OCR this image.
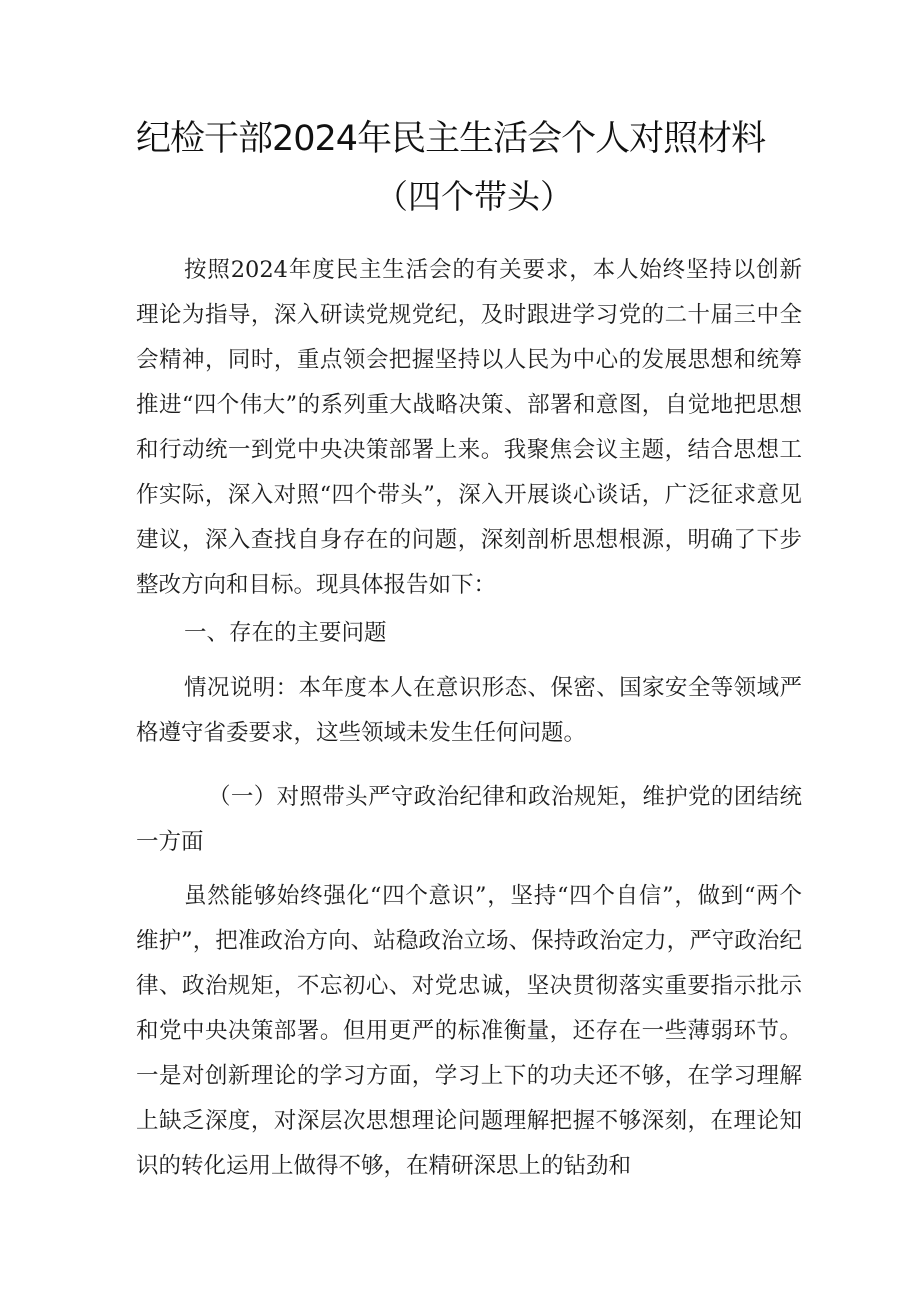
纪检干部2024年民主生活会个人对照材料
（四个带头）
按照2024年度民主生活会的有关要求，本人始终坚持以创新理论为指导，深入研读党规党纪，及时跟进学习党的二十届三中全会精神，同时，重点领会把握坚持以人民为中心的发展思想和统筹推进“四个伟大”的系列重大战略决策、部署和意图，自觉地把思想和行动统一到党中央决策部署上来。我聚焦会议主题，结合思想工作实际，深入对照“四个带头”，深入开展谈心谈话，广泛征求意见建议，深入查找自身存在的问题，深刻剖析思想根源，明确了下步整改方向和目标。现具体报告如下：
一、存在的主要问题
情况说明：本年度本人在意识形态、保密、国家安全等领域严格遵守省委要求，这些领域未发生任何问题。
（一）对照带头严守政治纪律和政治规矩，维护党的团结统一方面
虽然能够始终强化“四个意识”，坚持“四个自信”，做到“两个维护”，把准政治方向、站稳政治立场、保持政治定力，严守政治纪律、政治规矩，不忘初心、对党忠诚，坚决贯彻落实重要指示批示和党中央决策部署。但用更严的标准衡量，还存在一些薄弱环节。一是对创新理论的学习方面，学习上下的功夫还不够，在学习理解上缺乏深度，对深层次思想理论问题理解把握不够深刻，在理论知识的转化运用上做得不够，在精研深思上的钻劲和
